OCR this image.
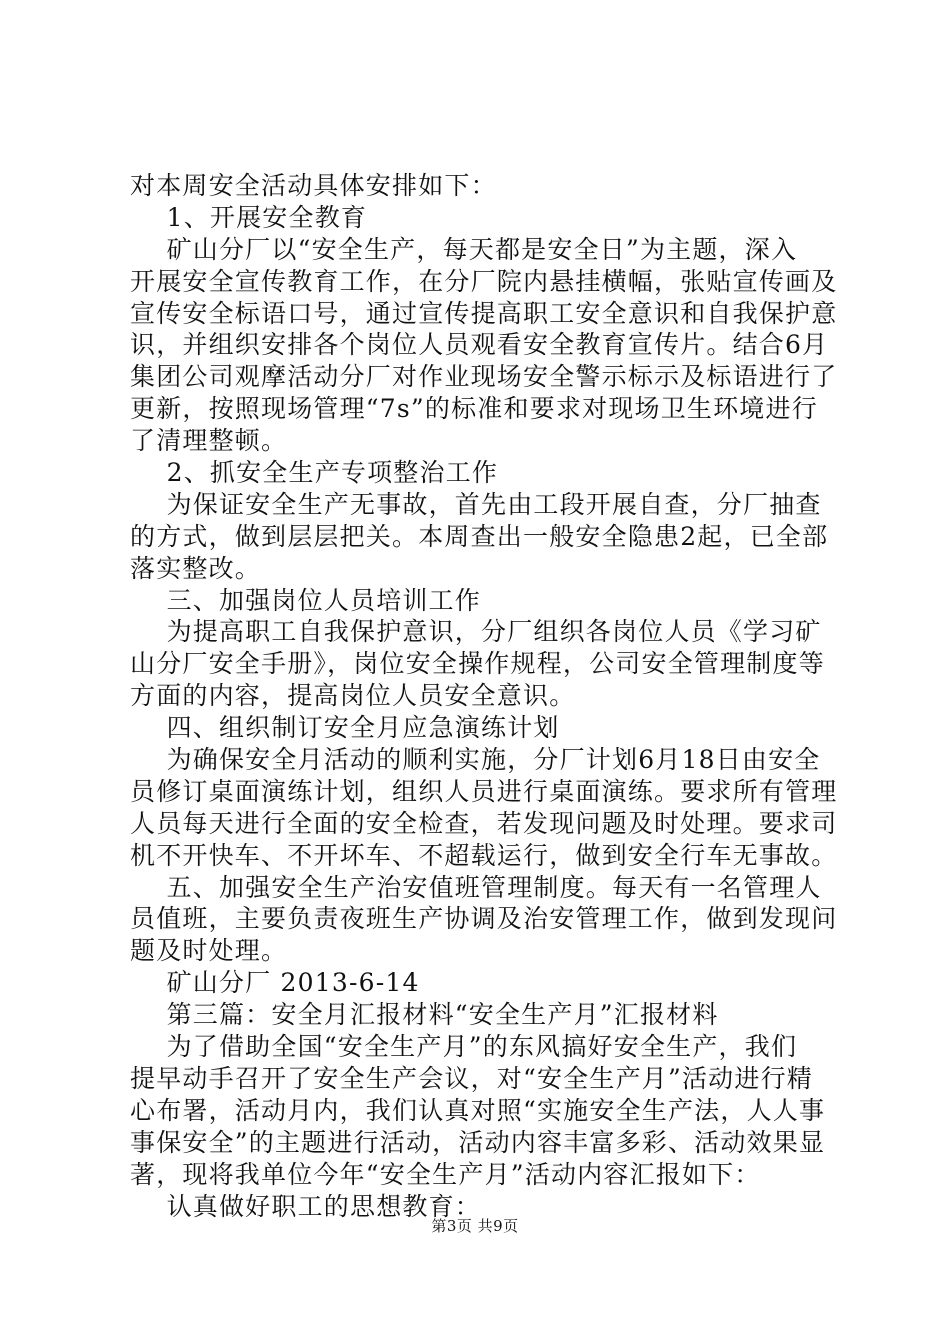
对本周安全活动具体安排如下：
1、开展安全教育
矿山分厂以“安全生产，每天都是安全日”为主题，深入
开展安全宣传教育工作，在分厂院内悬挂横幅，张贴宣传画及
宣传安全标语口号，通过宣传提高职工安全意识和自我保护意
识，并组织安排各个岗位人员观看安全教育宣传片。结合6月
集团公司观摩活动分厂对作业现场安全警示标示及标语进行了
更新，按照现场管理“7s”的标准和要求对现场卫生环境进行
了清理整顿。
2、抓安全生产专项整治工作
为保证安全生产无事故，首先由工段开展自查，分厂抽查
的方式，做到层层把关。本周查出一般安全隐患2起，已全部
落实整改。
三、加强岗位人员培训工作
为提高职工自我保护意识，分厂组织各岗位人员《学习矿
山分厂安全手册》，岗位安全操作规程，公司安全管理制度等
方面的内容，提高岗位人员安全意识。
四、组织制订安全月应急演练计划
为确保安全月活动的顺利实施，分厂计划6月18日由安全
员修订桌面演练计划，组织人员进行桌面演练。要求所有管理
人员每天进行全面的安全检查，若发现问题及时处理。要求司
机不开快车、不开坏车、不超载运行，做到安全行车无事故。
五、加强安全生产治安值班管理制度。每天有一名管理人
员值班，主要负责夜班生产协调及治安管理工作，做到发现问
题及时处理。
矿山分厂 2013-6-14
第三篇：安全月汇报材料“安全生产月”汇报材料
为了借助全国“安全生产月”的东风搞好安全生产，我们
提早动手召开了安全生产会议，对“安全生产月”活动进行精
心布署，活动月内，我们认真对照“实施安全生产法，人人事
事保安全”的主题进行活动，活动内容丰富多彩、活动效果显
著，现将我单位今年“安全生产月”活动内容汇报如下：
认真做好职工的思想教育：
第3页 共9页
